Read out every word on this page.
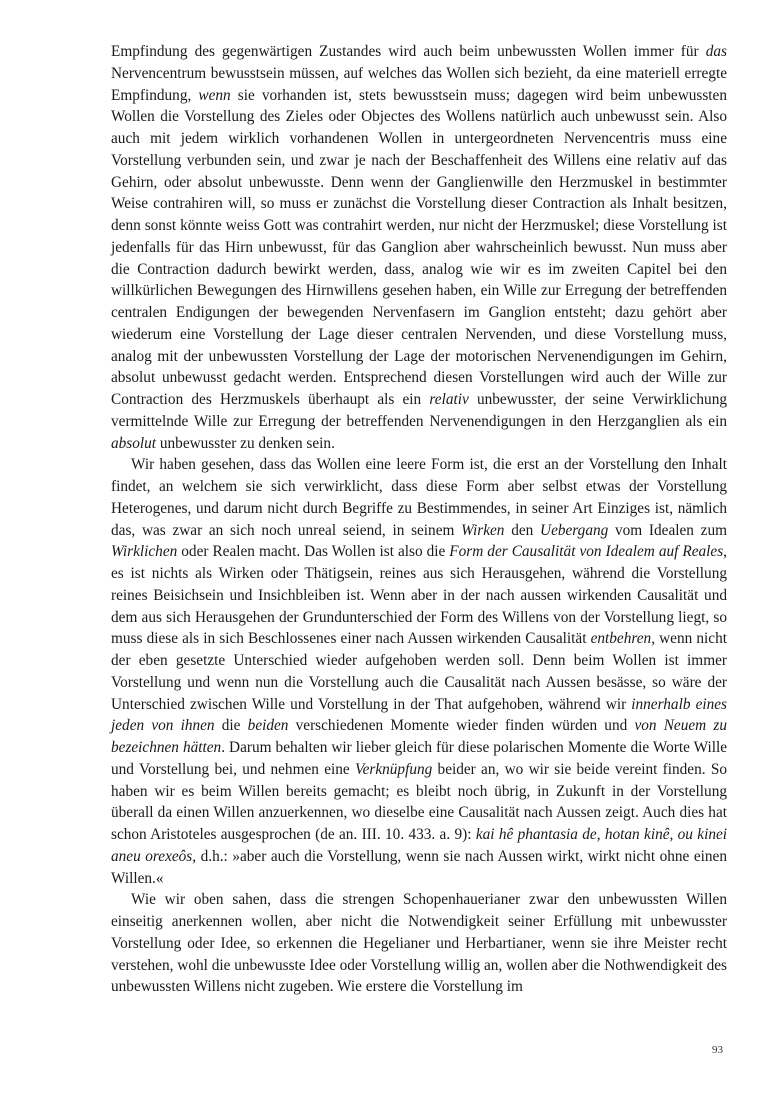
Empfindung des gegenwärtigen Zustandes wird auch beim unbewussten Wollen immer für das Nervencentrum bewusstsein müssen, auf welches das Wollen sich bezieht, da eine materiell erregte Empfindung, wenn sie vorhanden ist, stets bewusstsein muss; dagegen wird beim unbewussten Wollen die Vorstellung des Zieles oder Objectes des Wollens natürlich auch unbewusst sein. Also auch mit jedem wirklich vorhandenen Wollen in untergeordneten Nervencentris muss eine Vorstellung verbunden sein, und zwar je nach der Beschaffenheit des Willens eine relativ auf das Gehirn, oder absolut unbewusste. Denn wenn der Ganglienwille den Herzmuskel in bestimmter Weise contrahiren will, so muss er zunächst die Vorstellung dieser Contraction als Inhalt besitzen, denn sonst könnte weiss Gott was contrahirt werden, nur nicht der Herzmuskel; diese Vorstellung ist jedenfalls für das Hirn unbewusst, für das Ganglion aber wahrscheinlich bewusst. Nun muss aber die Contraction dadurch bewirkt werden, dass, analog wie wir es im zweiten Capitel bei den willkürlichen Bewegungen des Hirnwillens gesehen haben, ein Wille zur Erregung der betreffenden centralen Endigungen der bewegenden Nervenfasern im Ganglion entsteht; dazu gehört aber wiederum eine Vorstellung der Lage dieser centralen Nervenden, und diese Vorstellung muss, analog mit der unbewussten Vorstellung der Lage der motorischen Nervenendigungen im Gehirn, absolut unbewusst gedacht werden. Entsprechend diesen Vorstellungen wird auch der Wille zur Contraction des Herzmuskels überhaupt als ein relativ unbewusster, der seine Verwirklichung vermittelnde Wille zur Erregung der betreffenden Nervenendigungen in den Herzganglien als ein absolut unbewusster zu denken sein.

Wir haben gesehen, dass das Wollen eine leere Form ist, die erst an der Vorstellung den Inhalt findet, an welchem sie sich verwirklicht, dass diese Form aber selbst etwas der Vorstellung Heterogenes, und darum nicht durch Begriffe zu Bestimmendes, in seiner Art Einziges ist, nämlich das, was zwar an sich noch unreal seiend, in seinem Wirken den Uebergang vom Idealen zum Wirklichen oder Realen macht. Das Wollen ist also die Form der Causalität von Idealem auf Reales, es ist nichts als Wirken oder Thätigsein, reines aus sich Herausgehen, während die Vorstellung reines Beisichsein und Insichbleiben ist. Wenn aber in der nach aussen wirkenden Causalität und dem aus sich Herausgehen der Grundunterschied der Form des Willens von der Vorstellung liegt, so muss diese als in sich Beschlossenes einer nach Aussen wirkenden Causalität entbehren, wenn nicht der eben gesetzte Unterschied wieder aufgehoben werden soll. Denn beim Wollen ist immer Vorstellung und wenn nun die Vorstellung auch die Causalität nach Aussen besässe, so wäre der Unterschied zwischen Wille und Vorstellung in der That aufgehoben, während wir innerhalb eines jeden von ihnen die beiden verschiedenen Momente wieder finden würden und von Neuem zu bezeichnen hätten. Darum behalten wir lieber gleich für diese polarischen Momente die Worte Wille und Vorstellung bei, und nehmen eine Verknüpfung beider an, wo wir sie beide vereint finden. So haben wir es beim Willen bereits gemacht; es bleibt noch übrig, in Zukunft in der Vorstellung überall da einen Willen anzuerkennen, wo dieselbe eine Causalität nach Aussen zeigt. Auch dies hat schon Aristoteles ausgesprochen (de an. III. 10. 433. a. 9): kai hê phantasia de, hotan kinê, ou kinei aneu orexeôs, d.h.: »aber auch die Vorstellung, wenn sie nach Aussen wirkt, wirkt nicht ohne einen Willen.«

Wie wir oben sahen, dass die strengen Schopenhauerianer zwar den unbewussten Willen einseitig anerkennen wollen, aber nicht die Notwendigkeit seiner Erfüllung mit unbewusster Vorstellung oder Idee, so erkennen die Hegelianer und Herbartianer, wenn sie ihre Meister recht verstehen, wohl die unbewusste Idee oder Vorstellung willig an, wollen aber die Nothwendigkeit des unbewussten Willens nicht zugeben. Wie erstere die Vorstellung im

93
